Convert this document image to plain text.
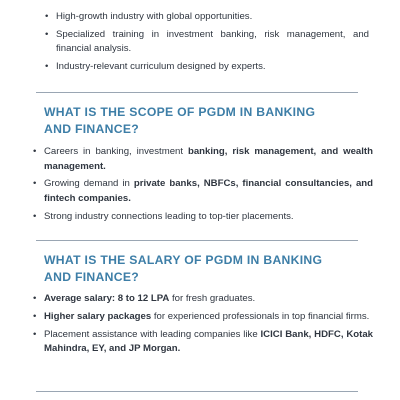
• High-growth industry with global opportunities.
• Specialized training in investment banking, risk management, and financial analysis.
• Industry-relevant curriculum designed by experts.
WHAT IS THE SCOPE OF PGDM IN BANKING
AND FINANCE?
• Careers in banking, investment banking, risk management, and wealth management.
• Growing demand in private banks, NBFCs, financial consultancies, and fintech companies.
• Strong industry connections leading to top-tier placements.
WHAT IS THE SALARY OF PGDM IN BANKING
AND FINANCE?
• Average salary: 8 to 12 LPA for fresh graduates.
• Higher salary packages for experienced professionals in top financial firms.
• Placement assistance with leading companies like ICICI Bank, HDFC, Kotak Mahindra, EY, and JP Morgan.
